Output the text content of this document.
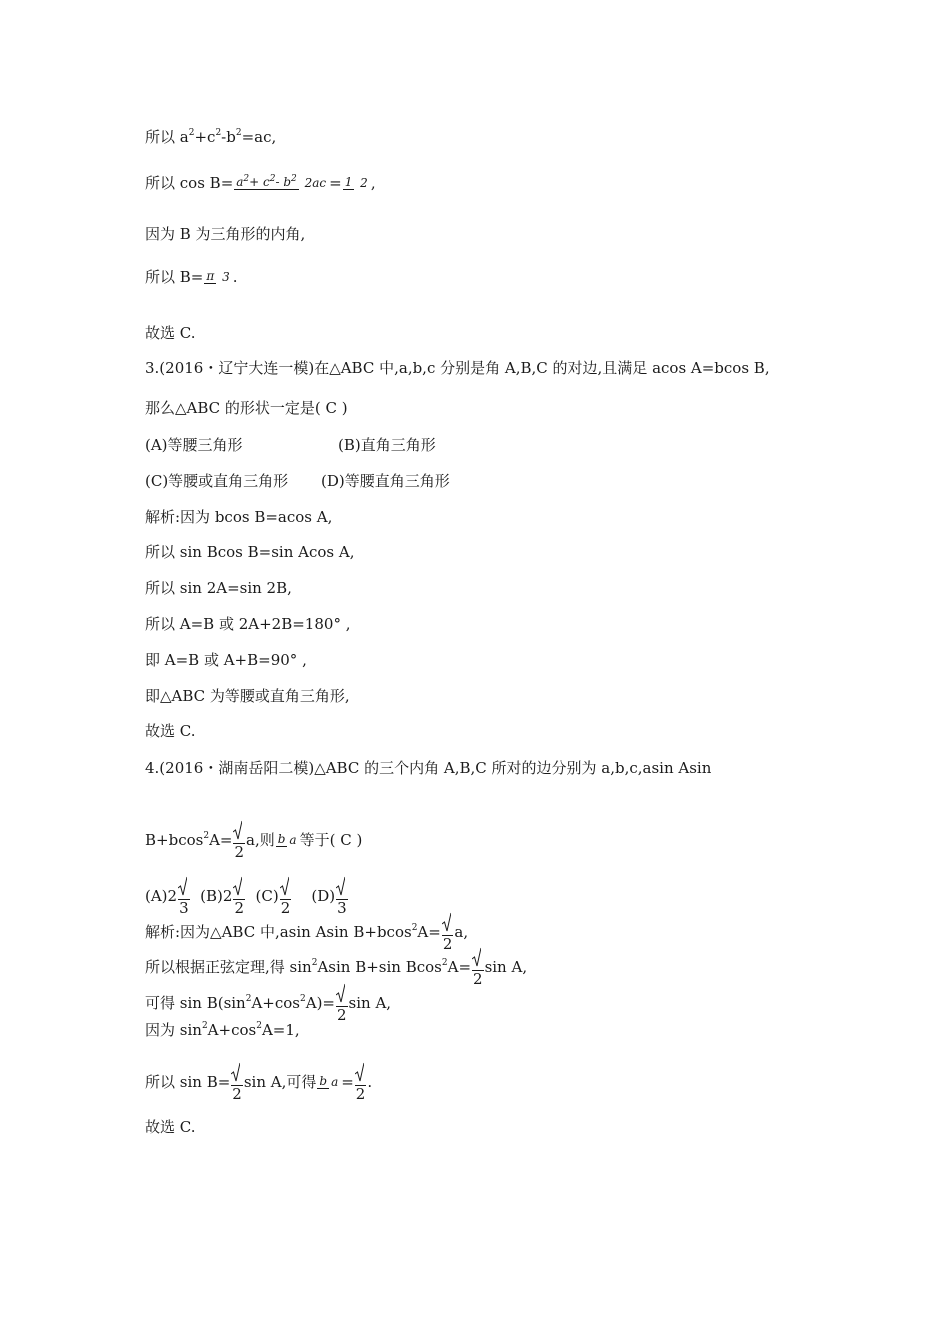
所以 $a^2+c^2-b^2=ac$,
所以 $\cos B= a^2+ c^2-$ $b^2$ 2ac = 1 2 ,
因为 B 为三角形的内角,
所以 B= π 3 .
故选 C.
3.(2016・辽宁大连一模)在△ABC 中,a,b,c 分别是角 A,B,C 的对边,且满足 acos A=bcos B,
那么△ABC 的形状一定是( C )
(A)等腰三角形	(B)直角三角形
(C)等腰或直角三角形 (D)等腰直角三角形
解析:因为 bcos B=acos A,
所以 sin Bcos B=sin Acos A,
所以 sin 2A=sin 2B,
所以 A=B 或 2A+2B=180° ,
即 A=B 或 A+B=90° ,
即△ABC 为等腰或直角三角形,
故选 C.
4.(2016・湖南岳阳二模)△ABC 的三个内角 A,B,C 所对的边分别为 a,b,c,asin Asin
B+bcos$^2$A=
2a,则 b a 等于( C )
(A)2
3  (B)2
2  (C)
2    (D)
3
解析:因为△ABC 中,asin Asin B+bcos$^2$A=
2a,
所以根据正弦定理,得 $\sin^2Asin$ B+sin Bcos$^2$A=
2sin A,
可得 $\sin B(\sin^2A+\cos^2A)=$
2sin A,
因为 $\sin^2A+\cos^2A=1$,
所以 sin B=
2sin A,可得 b a =
2.
故选 C.
